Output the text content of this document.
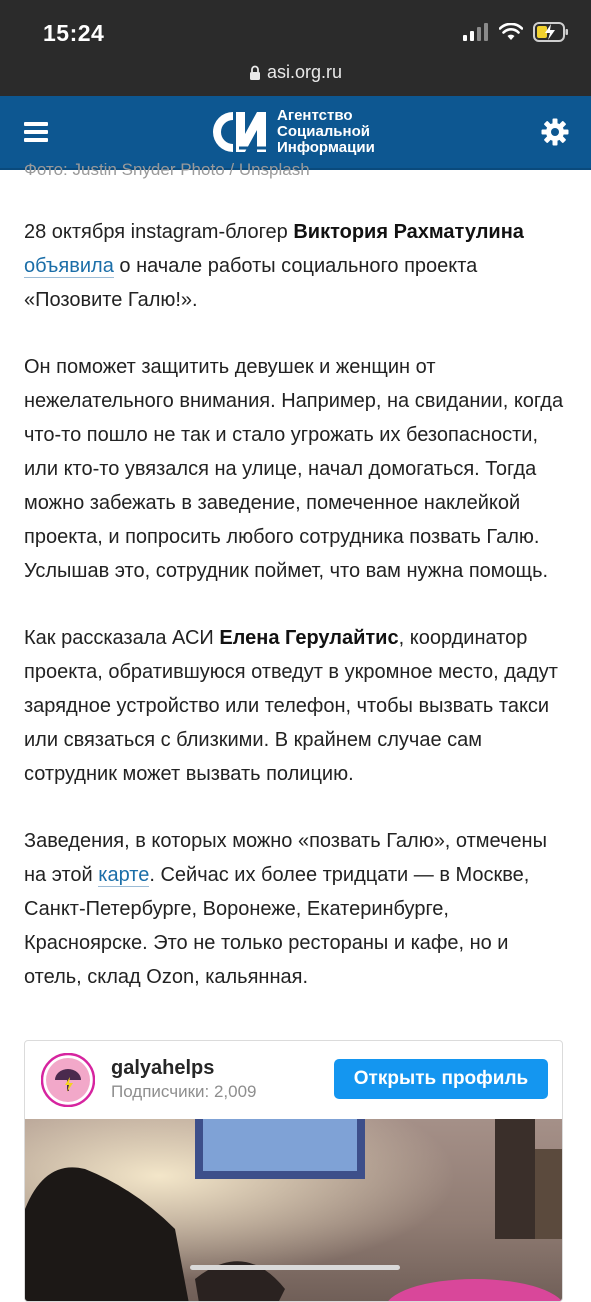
15:24
asi.org.ru
Агентство
Социальной
Информации
Фото: Justin Snyder Photo / Unsplash

28 октября instagram-блогер Виктория Рахматулина объявила о начале работы социального проекта «Позовите Галю!».

Он поможет защитить девушек и женщин от нежелательного внимания. Например, на свидании, когда что-то пошло не так и стало угрожать их безопасности, или кто-то увязался на улице, начал домогаться. Тогда можно забежать в заведение, помеченное наклейкой проекта, и попросить любого сотрудника позвать Галю. Услышав это, сотрудник поймет, что вам нужна помощь.

Как рассказала АСИ Елена Герулайтис, координатор проекта, обратившуюся отведут в укромное место, дадут зарядное устройство или телефон, чтобы вызвать такси или связаться с близкими. В крайнем случае сам сотрудник может вызвать полицию.

Заведения, в которых можно «позвать Галю», отмечены на этой карте. Сейчас их более тридцати — в Москве, Санкт-Петербурге, Воронеже, Екатеринбурге, Красноярске. Это не только рестораны и кафе, но и отель, склад Ozon, кальянная.

galyahelps
Подписчики: 2,009
Открыть профиль
